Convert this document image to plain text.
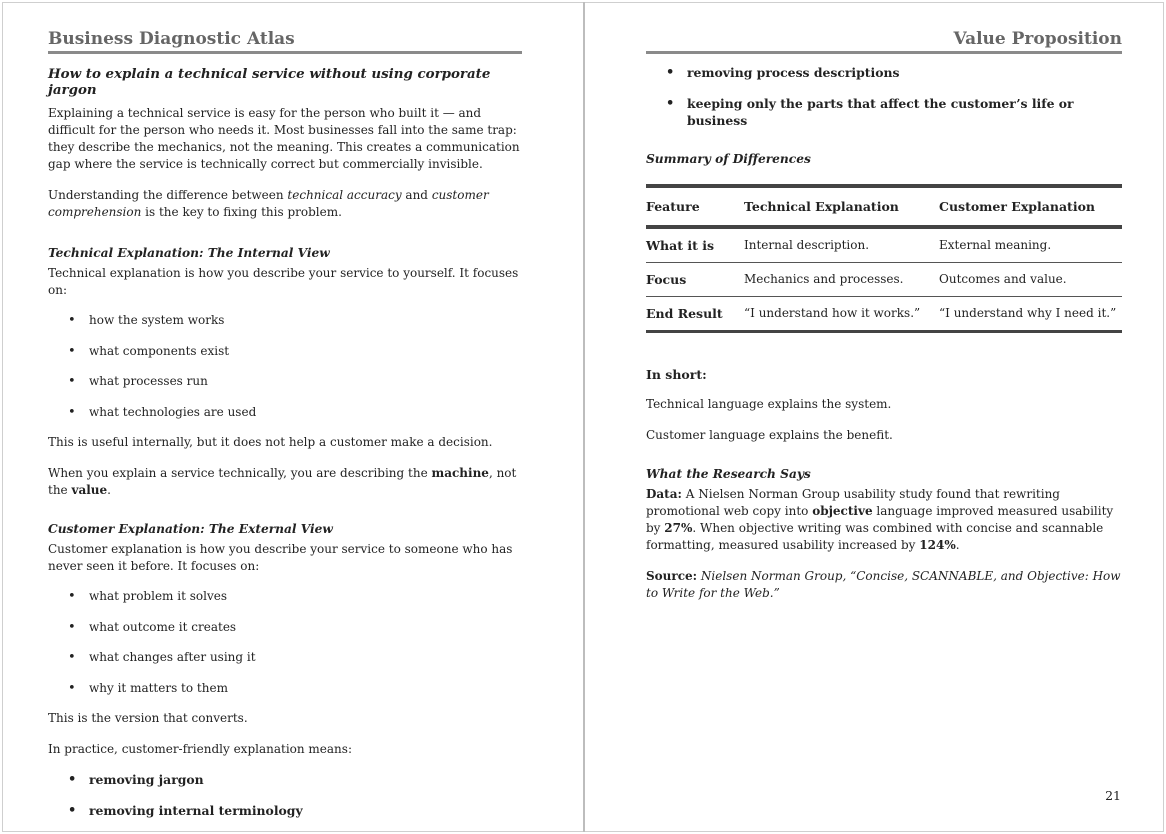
Business Diagnostic Atlas
How to explain a technical service without using corporate jargon

Explaining a technical service is easy for the person who built it — and difficult for the person who needs it. Most businesses fall into the same trap: they describe the mechanics, not the meaning. This creates a communication gap where the service is technically correct but commercially invisible.

Understanding the difference between technical accuracy and customer comprehension is the key to fixing this problem.

Technical Explanation: The Internal View

Technical explanation is how you describe your service to yourself. It focuses on:

• how the system works
• what components exist
• what processes run
• what technologies are used

This is useful internally, but it does not help a customer make a decision.

When you explain a service technically, you are describing the machine, not the value.

Customer Explanation: The External View

Customer explanation is how you describe your service to someone who has never seen it before. It focuses on:

• what problem it solves
• what outcome it creates
• what changes after using it
• why it matters to them

This is the version that converts.

In practice, customer-friendly explanation means:

• removing jargon
• removing internal terminology
Value Proposition
• removing process descriptions
• keeping only the parts that affect the customer’s life or business
Summary of Differences
Feature	Technical Explanation	Customer Explanation
What it is	Internal description.	External meaning.
Focus	Mechanics and processes.	Outcomes and value.
End Result	“I understand how it works.”	“I understand why I need it.”

In short:

Technical language explains the system.

Customer language explains the benefit.

What the Research Says

Data: A Nielsen Norman Group usability study found that rewriting promotional web copy into objective language improved measured usability by 27%. When objective writing was combined with concise and scannable formatting, measured usability increased by 124%.

Source: Nielsen Norman Group, “Concise, SCANNABLE, and Objective: How to Write for the Web.”

21
